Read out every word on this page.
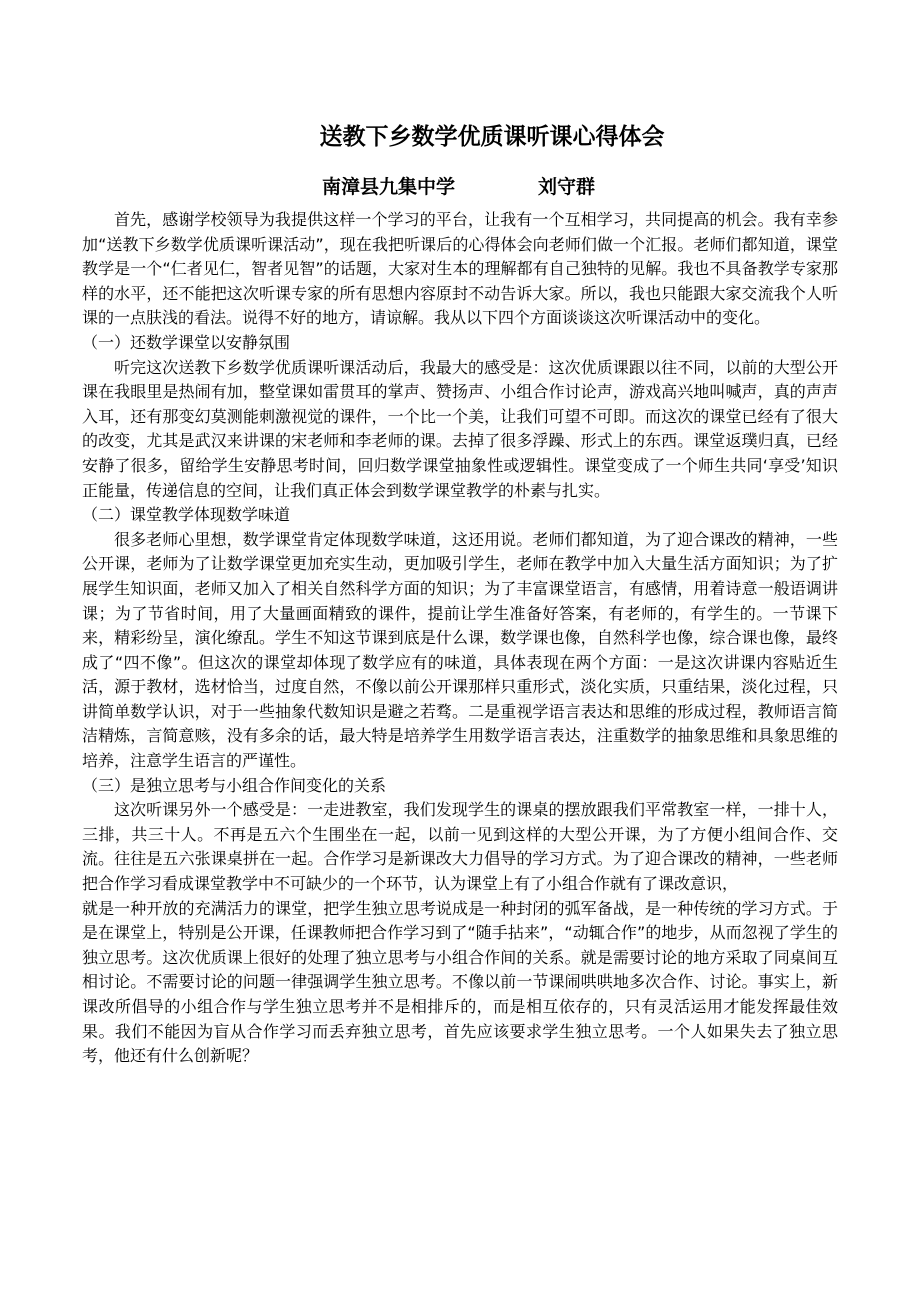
送教下乡数学优质课听课心得体会
南漳县九集中学	刘守群

首先，感谢学校领导为我提供这样一个学习的平台，让我有一个互相学习，共同提高的机会。我有幸参加“送教下乡数学优质课听课活动”，现在我把听课后的心得体会向老师们做一个汇报。老师们都知道，课堂教学是一个“仁者见仁，智者见智”的话题，大家对生本的理解都有自己独特的见解。我也不具备教学专家那样的水平，还不能把这次听课专家的所有思想内容原封不动告诉大家。所以，我也只能跟大家交流我个人听课的一点肤浅的看法。说得不好的地方，请谅解。我从以下四个方面谈谈这次听课活动中的变化。

（一）还数学课堂以安静氛围

听完这次送教下乡数学优质课听课活动后，我最大的感受是：这次优质课跟以往不同，以前的大型公开课在我眼里是热闹有加，整堂课如雷贯耳的掌声、赞扬声、小组合作讨论声，游戏高兴地叫喊声，真的声声入耳，还有那变幻莫测能刺激视觉的课件，一个比一个美，让我们可望不可即。而这次的课堂已经有了很大的改变，尤其是武汉来讲课的宋老师和李老师的课。去掉了很多浮躁、形式上的东西。课堂返璞归真，已经安静了很多，留给学生安静思考时间，回归数学课堂抽象性或逻辑性。课堂变成了一个师生共同‘享受’知识正能量，传递信息的空间，让我们真正体会到数学课堂教学的朴素与扎实。

（二）课堂教学体现数学味道

很多老师心里想，数学课堂肯定体现数学味道，这还用说。老师们都知道，为了迎合课改的精神，一些公开课，老师为了让数学课堂更加充实生动，更加吸引学生，老师在教学中加入大量生活方面知识；为了扩展学生知识面，老师又加入了相关自然科学方面的知识；为了丰富课堂语言，有感情，用着诗意一般语调讲课；为了节省时间，用了大量画面精致的课件，提前让学生准备好答案，有老师的，有学生的。一节课下来，精彩纷呈，演化缭乱。学生不知这节课到底是什么课，数学课也像，自然科学也像，综合课也像，最终成了“四不像”。但这次的课堂却体现了数学应有的味道，具体表现在两个方面：一是这次讲课内容贴近生活，源于教材，选材恰当，过度自然，不像以前公开课那样只重形式，淡化实质，只重结果，淡化过程，只讲简单数学认识，对于一些抽象代数知识是避之若骛。二是重视学语言表达和思维的形成过程，教师语言简洁精炼，言简意赅，没有多余的话，最大特是培养学生用数学语言表达，注重数学的抽象思维和具象思维的培养，注意学生语言的严谨性。

（三）是独立思考与小组合作间变化的关系

这次听课另外一个感受是：一走进教室，我们发现学生的课桌的摆放跟我们平常教室一样，一排十人，三排，共三十人。不再是五六个生围坐在一起，以前一见到这样的大型公开课，为了方便小组间合作、交流。往往是五六张课桌拼在一起。合作学习是新课改大力倡导的学习方式。为了迎合课改的精神，一些老师把合作学习看成课堂教学中不可缺少的一个环节，认为课堂上有了小组合作就有了课改意识，

就是一种开放的充满活力的课堂，把学生独立思考说成是一种封闭的弧军备战，是一种传统的学习方式。于是在课堂上，特别是公开课，任课教师把合作学习到了“随手拈来”，“动辄合作”的地步，从而忽视了学生的独立思考。这次优质课上很好的处理了独立思考与小组合作间的关系。就是需要讨论的地方采取了同桌间互相讨论。不需要讨论的问题一律强调学生独立思考。不像以前一节课闹哄哄地多次合作、讨论。事实上，新课改所倡导的小组合作与学生独立思考并不是相排斥的，而是相互依存的，只有灵活运用才能发挥最佳效果。我们不能因为盲从合作学习而丢弃独立思考，首先应该要求学生独立思考。一个人如果失去了独立思考，他还有什么创新呢？
